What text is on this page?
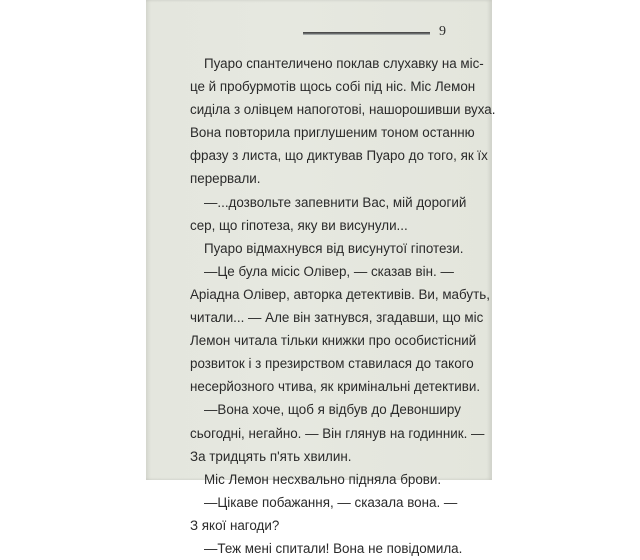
9
Пуаро спантеличено поклав слухавку на міс-
це й пробурмотів щось собі під ніс. Міс Лемон
сиділа з олівцем напоготові, нашорошивши вуха.
Вона повторила приглушеним тоном останню
фразу з листа, що диктував Пуаро до того, як їх
перервали.
—...дозвольте запевнити Вас, мій дорогий
сер, що гіпотеза, яку ви висунули...
Пуаро відмахнувся від висунутої гіпотези.
—Це була місіс Олівер, — сказав він. —
Аріадна Олівер, авторка детективів. Ви, мабуть,
читали... — Але він затнувся, згадавши, що міс
Лемон читала тільки книжки про особистісний
розвиток і з презирством ставилася до такого
несерйозного чтива, як кримінальні детективи.
—Вона хоче, щоб я відбув до Девонширу
сьогодні, негайно. — Він глянув на годинник. —
За тридцять п'ять хвилин.
Міс Лемон несхвально підняла брови.
—Цікаве побажання, — сказала вона. —
З якої нагоди?
—Теж мені спитали! Вона не повідомила.
